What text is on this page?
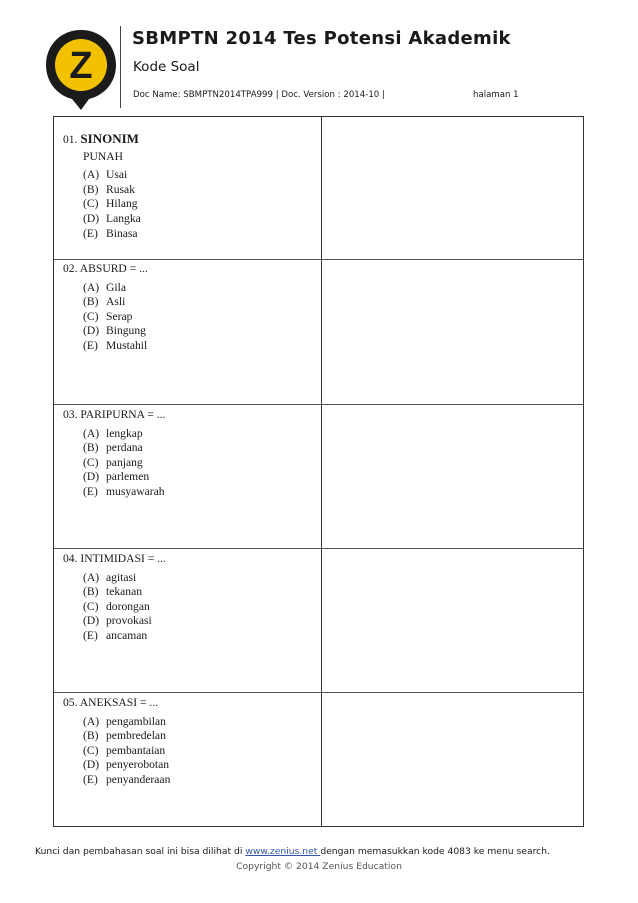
Z
SBMPTN 2014 Tes Potensi Akademik
Kode Soal
Doc Name: SBMPTN2014TPA999 | Doc. Version : 2014-10 |	halaman 1
01. SINONIM
PUNAH
(A) Usai
(B) Rusak
(C) Hilang
(D) Langka
(E) Binasa
02. ABSURD = ...
(A) Gila
(B) Asli
(C) Serap
(D) Bingung
(E) Mustahil
03. PARIPURNA = ...
(A) lengkap
(B) perdana
(C) panjang
(D) parlemen
(E) musyawarah
04. INTIMIDASI = ...
(A) agitasi
(B) tekanan
(C) dorongan
(D) provokasi
(E) ancaman
05. ANEKSASI = ...
(A) pengambilan
(B) pembredelan
(C) pembantaian
(D) penyerobotan
(E) penyanderaan
Kunci dan pembahasan soal ini bisa dilihat di www.zenius.net dengan memasukkan kode 4083 ke menu search.
Copyright © 2014 Zenius Education
